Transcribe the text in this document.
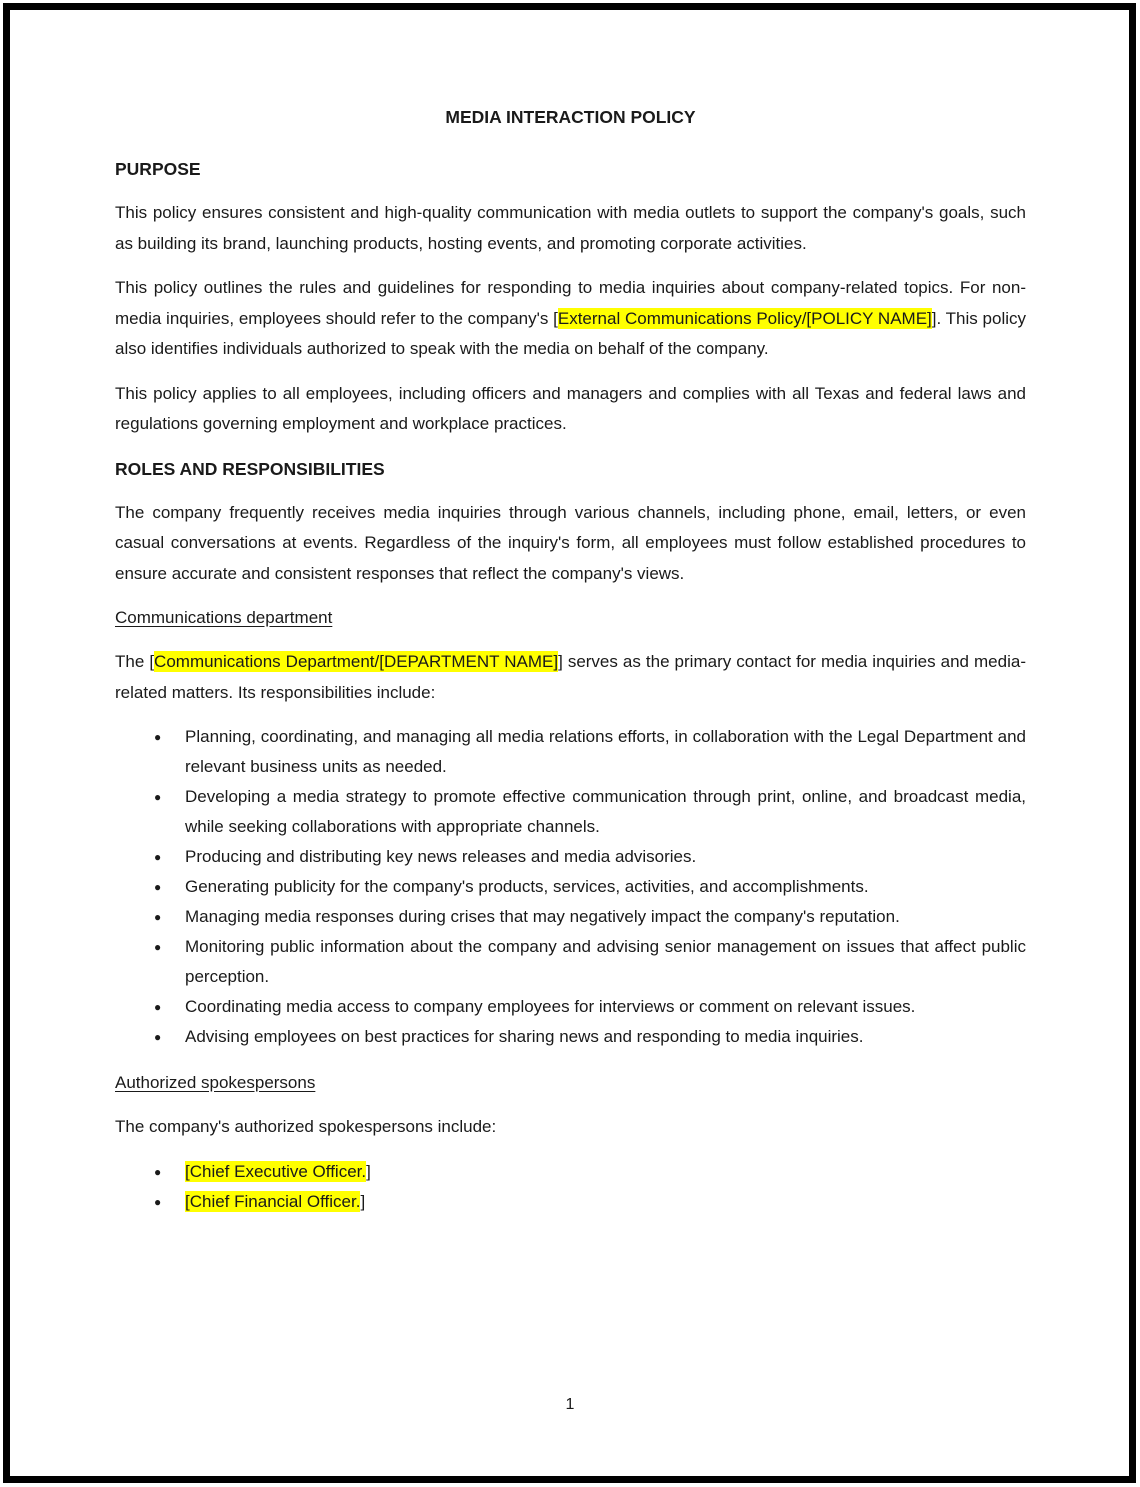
MEDIA INTERACTION POLICY
PURPOSE

This policy ensures consistent and high-quality communication with media outlets to support the company's goals, such as building its brand, launching products, hosting events, and promoting corporate activities.

This policy outlines the rules and guidelines for responding to media inquiries about company-related topics. For non-media inquiries, employees should refer to the company's [External Communications Policy/[POLICY NAME]]. This policy also identifies individuals authorized to speak with the media on behalf of the company.

This policy applies to all employees, including officers and managers and complies with all Texas and federal laws and regulations governing employment and workplace practices.

ROLES AND RESPONSIBILITIES

The company frequently receives media inquiries through various channels, including phone, email, letters, or even casual conversations at events. Regardless of the inquiry's form, all employees must follow established procedures to ensure accurate and consistent responses that reflect the company's views.

Communications department

The [Communications Department/[DEPARTMENT NAME]] serves as the primary contact for media inquiries and media-related matters. Its responsibilities include:

●	Planning, coordinating, and managing all media relations efforts, in collaboration with the Legal Department and relevant business units as needed.
●	Developing a media strategy to promote effective communication through print, online, and broadcast media, while seeking collaborations with appropriate channels.
●	Producing and distributing key news releases and media advisories.
●	Generating publicity for the company's products, services, activities, and accomplishments.
●	Managing media responses during crises that may negatively impact the company's reputation.
●	Monitoring public information about the company and advising senior management on issues that affect public perception.
●	Coordinating media access to company employees for interviews or comment on relevant issues.
●	Advising employees on best practices for sharing news and responding to media inquiries.
Authorized spokespersons

The company's authorized spokespersons include:

●	[Chief Executive Officer.]
●	[Chief Financial Officer.]
1
